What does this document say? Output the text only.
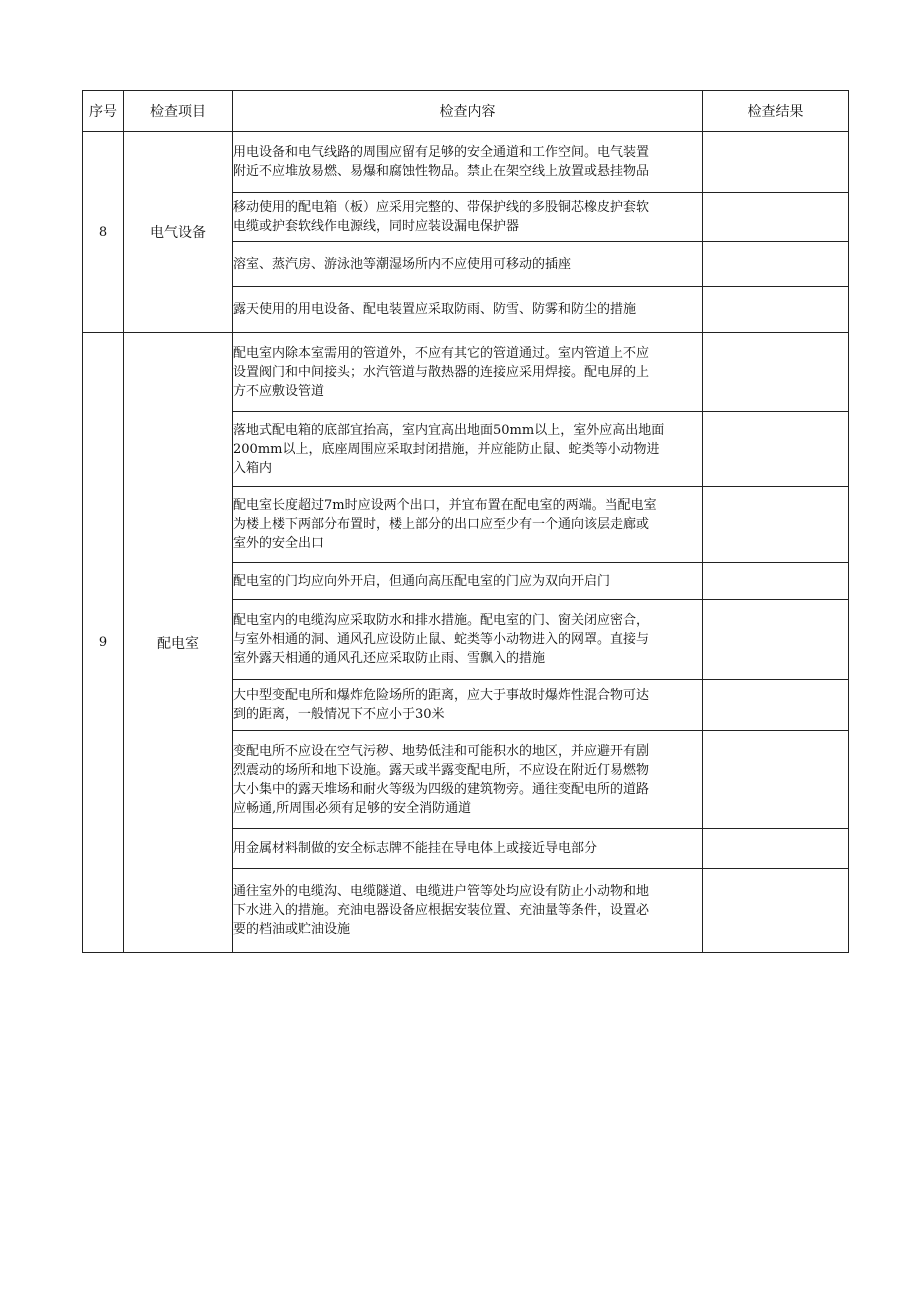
序号	检查项目	检查内容	检查结果
8	电气设备	用电设备和电气线路的周围应留有足够的安全通道和工作空间。电气装置
附近不应堆放易燃、易爆和腐蚀性物品。禁止在架空线上放置或悬挂物品	

		移动使用的配电箱（板）应采用完整的、带保护线的多股铜芯橡皮护套软
电缆或护套软线作电源线，同时应装设漏电保护器	

		溶室、蒸汽房、游泳池等潮湿场所内不应使用可移动的插座	

		露天使用的用电设备、配电装置应采取防雨、防雪、防雾和防尘的措施	

9	配电室	配电室内除本室需用的管道外，不应有其它的管道通过。室内管道上不应
设置阀门和中间接头；水汽管道与散热器的连接应采用焊接。配电屏的上
方不应敷设管道	

		落地式配电箱的底部宜抬高，室内宜高出地面50mm以上，室外应高出地面
200mm以上，底座周围应采取封闭措施，并应能防止鼠、蛇类等小动物进
入箱内	

		配电室长度超过7m时应设两个出口，并宜布置在配电室的两端。当配电室
为楼上楼下两部分布置时，楼上部分的出口应至少有一个通向该层走廊或
室外的安全出口	

		配电室的门均应向外开启，但通向高压配电室的门应为双向开启门	

		配电室内的电缆沟应采取防水和排水措施。配电室的门、窗关闭应密合，
与室外相通的洞、通风孔应设防止鼠、蛇类等小动物进入的网罩。直接与
室外露天相通的通风孔还应采取防止雨、雪飘入的措施	

		大中型变配电所和爆炸危险场所的距离，应大于事故时爆炸性混合物可达
到的距离，一般情况下不应小于30米	

		变配电所不应设在空气污秽、地势低洼和可能积水的地区，并应避开有剧
烈震动的场所和地下设施。露天或半露变配电所，不应设在附近仃易燃物
大小集中的露天堆场和耐火等级为四级的建筑物旁。通往变配电所的道路
应畅通,所周围必须有足够的安全消防通道	

		用金属材料制做的安全标志牌不能挂在导电体上或接近导电部分	

		通往室外的电缆沟、电缆隧道、电缆进户管等处均应设有防止小动物和地
下水进入的措施。充油电器设备应根据安装位置、充油量等条件，设置必
要的档油或贮油设施	
